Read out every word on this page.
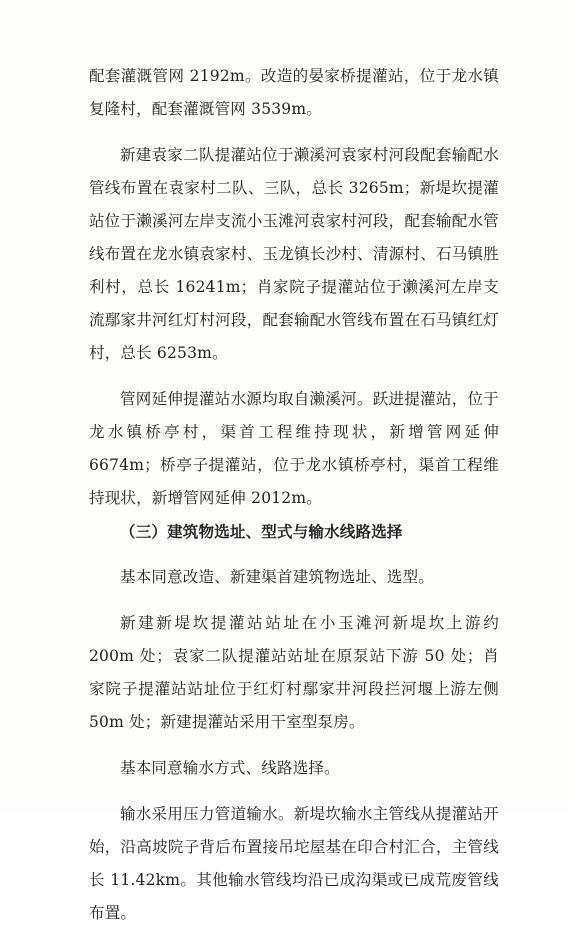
配套灌溉管网 2192m。改造的晏家桥提灌站，位于龙水镇复隆村，配套灌溉管网 3539m。

新建袁家二队提灌站位于濑溪河袁家村河段配套输配水管线布置在袁家村二队、三队，总长 3265m；新堤坎提灌站位于濑溪河左岸支流小玉滩河袁家村河段，配套输配水管线布置在龙水镇袁家村、玉龙镇长沙村、清源村、石马镇胜利村，总长 16241m；肖家院子提灌站位于濑溪河左岸支流鄢家井河红灯村河段，配套输配水管线布置在石马镇红灯村，总长 6253m。

管网延伸提灌站水源均取自濑溪河。跃进提灌站，位于龙水镇桥亭村，渠首工程维持现状，新增管网延伸 6674m；桥亭子提灌站，位于龙水镇桥亭村，渠首工程维持现状，新增管网延伸 2012m。

（三）建筑物选址、型式与输水线路选择

基本同意改造、新建渠首建筑物选址、选型。

新建新堤坎提灌站站址在小玉滩河新堤坎上游约 200m 处；袁家二队提灌站站址在原泵站下游 50 处；肖家院子提灌站站址位于红灯村鄢家井河段拦河堰上游左侧 50m 处；新建提灌站采用干室型泵房。

基本同意输水方式、线路选择。

输水采用压力管道输水。新堤坎输水主管线从提灌站开始，沿高坡院子背后布置接吊坨屋基在印合村汇合，主管线长 11.42km。其他输水管线均沿已成沟渠或已成荒废管线布置。
